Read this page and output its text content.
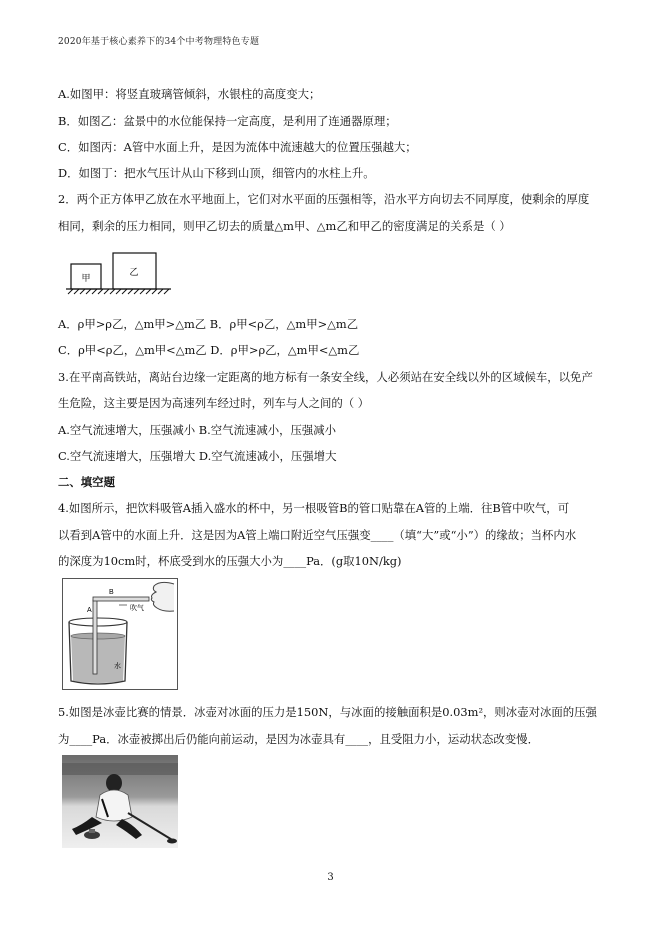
2020年基于核心素养下的34个中考物理特色专题
A.如图甲：将竖直玻璃管倾斜，水银柱的高度变大；
B．如图乙：盆景中的水位能保持一定高度，是利用了连通器原理；
C．如图丙：A管中水面上升，是因为流体中流速越大的位置压强越大；
D．如图丁：把水气压计从山下移到山顶，细管内的水柱上升。
2．两个正方体甲乙放在水平地面上，它们对水平面的压强相等，沿水平方向切去不同厚度，使剩余的厚度
相同，剩余的压力相同，则甲乙切去的质量△m甲、△m乙和甲乙的密度满足的关系是（ ）
甲
乙
A．ρ甲>ρ乙，△m甲>△m乙 B．ρ甲<ρ乙，△m甲>△m乙
C．ρ甲<ρ乙，△m甲<△m乙 D．ρ甲>ρ乙，△m甲<△m乙
3.在平南高铁站，离站台边缘一定距离的地方标有一条安全线，人必须站在安全线以外的区域候车，以免产
生危险，这主要是因为高速列车经过时，列车与人之间的（ ）
A.空气流速增大，压强减小 B.空气流速减小，压强减小
C.空气流速增大，压强增大 D.空气流速减小，压强增大
二、填空题
4.如图所示，把饮料吸管A插入盛水的杯中，另一根吸管B的管口贴靠在A管的上端．往B管中吹气，可
以看到A管中的水面上升．这是因为A管上端口附近空气压强变____（填“大”或“小”）的缘故；当杯内水
的深度为10cm时，杯底受到水的压强大小为____Pa．(g取10N/kg)
B
A	吹气
水
5.如图是冰壶比赛的情景．冰壶对冰面的压力是150N，与冰面的接触面积是0.03m²，则冰壶对冰面的压强
为____Pa．冰壶被掷出后仍能向前运动，是因为冰壶具有____，且受阻力小，运动状态改变慢．
3
